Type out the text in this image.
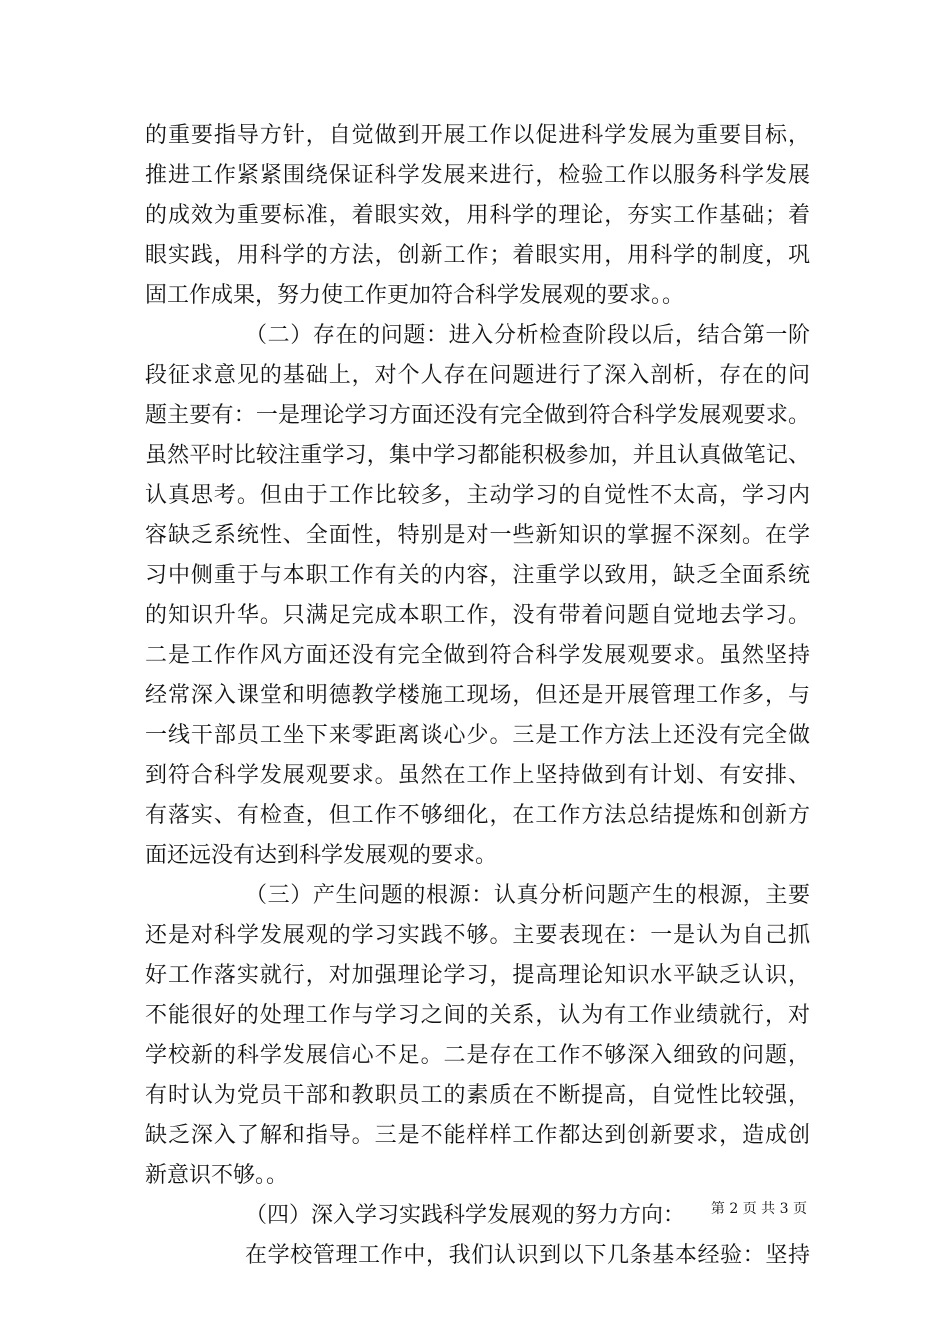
的重要指导方针，自觉做到开展工作以促进科学发展为重要目标，
推进工作紧紧围绕保证科学发展来进行，检验工作以服务科学发展
的成效为重要标准，着眼实效，用科学的理论，夯实工作基础；着
眼实践，用科学的方法，创新工作；着眼实用，用科学的制度，巩
固工作成果，努力使工作更加符合科学发展观的要求。。
（二）存在的问题：进入分析检查阶段以后，结合第一阶
段征求意见的基础上，对个人存在问题进行了深入剖析，存在的问
题主要有：一是理论学习方面还没有完全做到符合科学发展观要求。
虽然平时比较注重学习，集中学习都能积极参加，并且认真做笔记、
认真思考。但由于工作比较多，主动学习的自觉性不太高，学习内
容缺乏系统性、全面性，特别是对一些新知识的掌握不深刻。在学
习中侧重于与本职工作有关的内容，注重学以致用，缺乏全面系统
的知识升华。只满足完成本职工作，没有带着问题自觉地去学习。
二是工作作风方面还没有完全做到符合科学发展观要求。虽然坚持
经常深入课堂和明德教学楼施工现场，但还是开展管理工作多，与
一线干部员工坐下来零距离谈心少。三是工作方法上还没有完全做
到符合科学发展观要求。虽然在工作上坚持做到有计划、有安排、
有落实、有检查，但工作不够细化，在工作方法总结提炼和创新方
面还远没有达到科学发展观的要求。
（三）产生问题的根源：认真分析问题产生的根源，主要
还是对科学发展观的学习实践不够。主要表现在：一是认为自己抓
好工作落实就行，对加强理论学习，提高理论知识水平缺乏认识，
不能很好的处理工作与学习之间的关系，认为有工作业绩就行，对
学校新的科学发展信心不足。二是存在工作不够深入细致的问题，
有时认为党员干部和教职员工的素质在不断提高，自觉性比较强，
缺乏深入了解和指导。三是不能样样工作都达到创新要求，造成创
新意识不够。。
（四）深入学习实践科学发展观的努力方向：
在学校管理工作中，我们认识到以下几条基本经验：坚持
第 2 页 共 3 页
